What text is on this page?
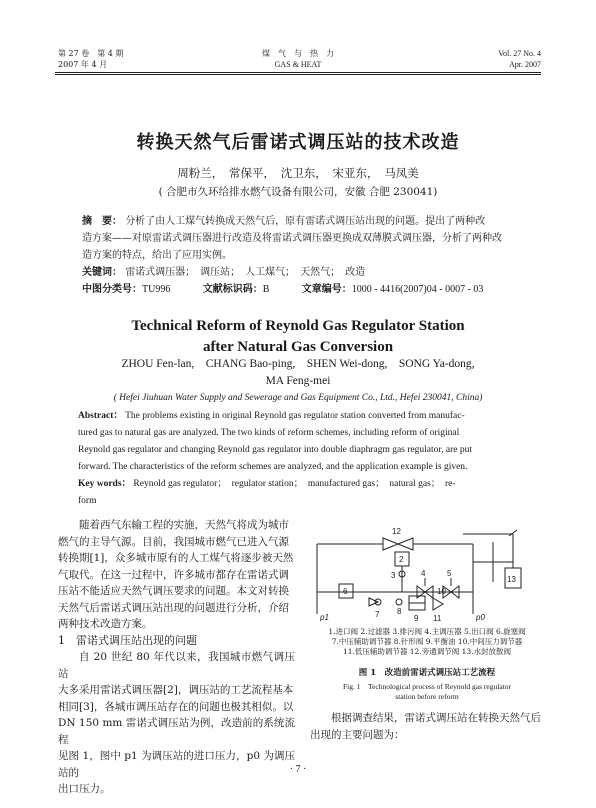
第 27 卷　第 4 期
2007 年 4 月
煤　气　与　热　力
GAS & HEAT
Vol. 27 No. 4
Apr. 2007
转换天然气后雷诺式调压站的技术改造
周粉兰，　常保平，　沈卫东，　宋亚东，　马凤美
( 合肥市久环给排水燃气设备有限公司，安徽 合肥 230041)
摘　要： 分析了由人工煤气转换成天然气后，原有雷诺式调压站出现的问题。提出了两种改
造方案——对原雷诺式调压器进行改造及将雷诺式调压器更换成双薄膜式调压器，分析了两种改
造方案的特点，给出了应用实例。
关键词： 雷诺式调压器；　调压站；　人工煤气；　天然气；　改造
中图分类号：TU996	文献标识码：B	文章编号：1000 - 4416(2007)04 - 0007 - 03
Technical Reform of Reynold Gas Regulator Station
after Natural Gas Conversion
ZHOU Fen-lan,　CHANG Bao-ping,　SHEN Wei-dong,　SONG Ya-dong,
MA Feng-mei
( Hefei Jiuhuan Water Supply and Sewerage and Gas Equipment Co., Ltd., Hefei 230041, China)
Abstract： The problems existing in original Reynold gas regulator station converted from manufac-
tured gas to natural gas are analyzed. The two kinds of reform schemes, including reform of original
Reynold gas regulator and changing Reynold gas regulator into double diaphragm gas regulator, are put
forward. The characteristics of the reform schemes are analyzed, and the application example is given.
Key words： Reynold gas regulator；　regulator station；　manufactured gas；　natural gas；　re-
form
随着西气东输工程的实施，天然气将成为城市
燃气的主导气源。目前，我国城市燃气已进入气源
转换期[1]，众多城市原有的人工煤气将逐步被天然
气取代。在这一过程中，许多城市都存在雷诺式调
压站不能适应天然气调压要求的问题。本文对转换
天然气后雷诺式调压站出现的问题进行分析，介绍
两种技术改造方案。
1　雷诺式调压站出现的问题
自 20 世纪 80 年代以来，我国城市燃气调压站
大多采用雷诺式调压器[2]，调压站的工艺流程基本
相同[3]，各城市调压站存在的问题也极其相似。以
DN 150 mm 雷诺式调压站为例，改造前的系统流程
见图 1，图中 p1 为调压站的进口压力，p0 为调压站的
出口压力。
12
2
3	4	5
6
7 8
9
10
11
13
p1	p0
1.进口阀 2.过滤器 3.排污阀 4.主调压器 5.出口阀 6.旋塞阀
7.中压辅助调节器 8.针形阀 9.平衡油 10.中间压力调节器
11.低压辅助调节器 12.旁通调节阀 13.水封放散阀
图 1　改造前雷诺式调压站工艺流程
Fig. 1　Technological process of Reynold gas regulator
station before reform
根据调查结果，雷诺式调压站在转换天然气后
出现的主要问题为：
· 7 ·
